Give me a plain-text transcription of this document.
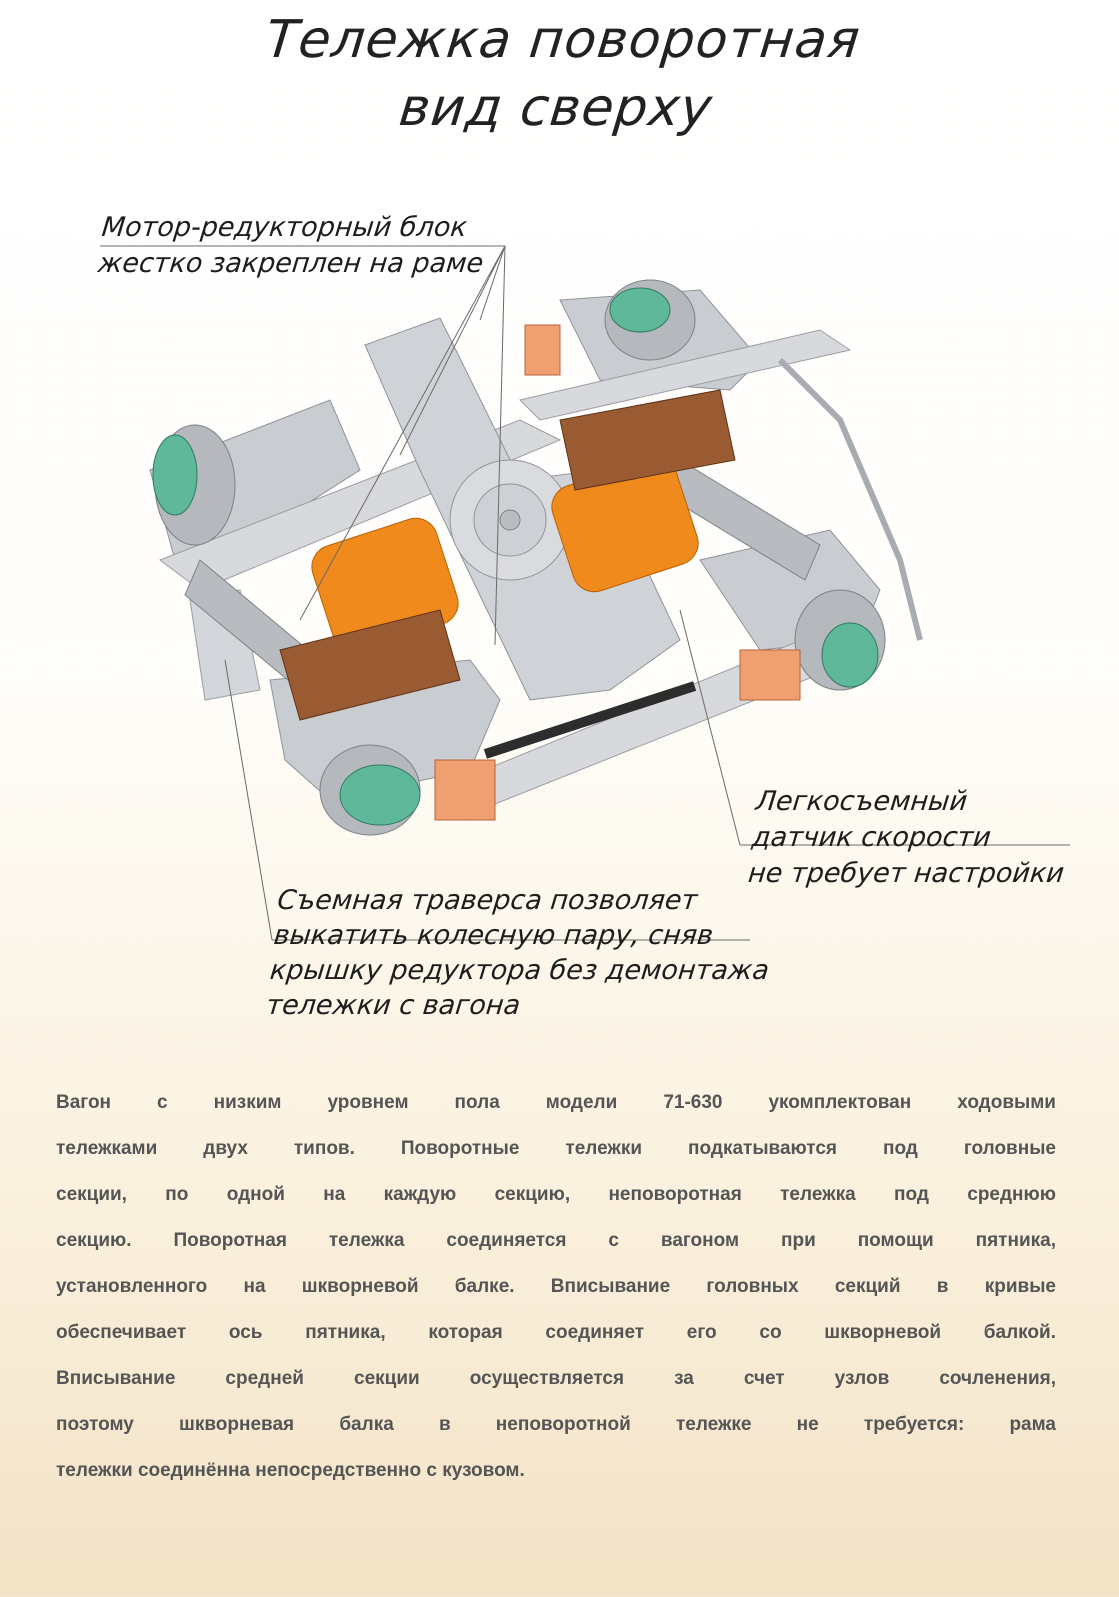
Тележка поворотная
вид сверху
Мотор-редукторный блок
жестко закреплен на раме
Легкосъемный
датчик скорости
не требует настройки
Съемная траверса позволяет
выкатить колесную пару, сняв
крышку редуктора без демонтажа
тележки с вагона
Вагон с низким уровнем пола модели 71-630 укомплектован ходовыми
тележками двух типов. Поворотные тележки подкатываются под головные
секции, по одной на каждую секцию, неповоротная тележка под среднюю
секцию. Поворотная тележка соединяется с вагоном при помощи пятника,
установленного на шкворневой балке. Вписывание головных секций в кривые
обеспечивает ось пятника, которая соединяет его со шкворневой балкой.
Вписывание средней секции осуществляется за счет узлов сочленения,
поэтому шкворневая балка в неповоротной тележке не требуется: рама
тележки соединённа непосредственно с кузовом.
